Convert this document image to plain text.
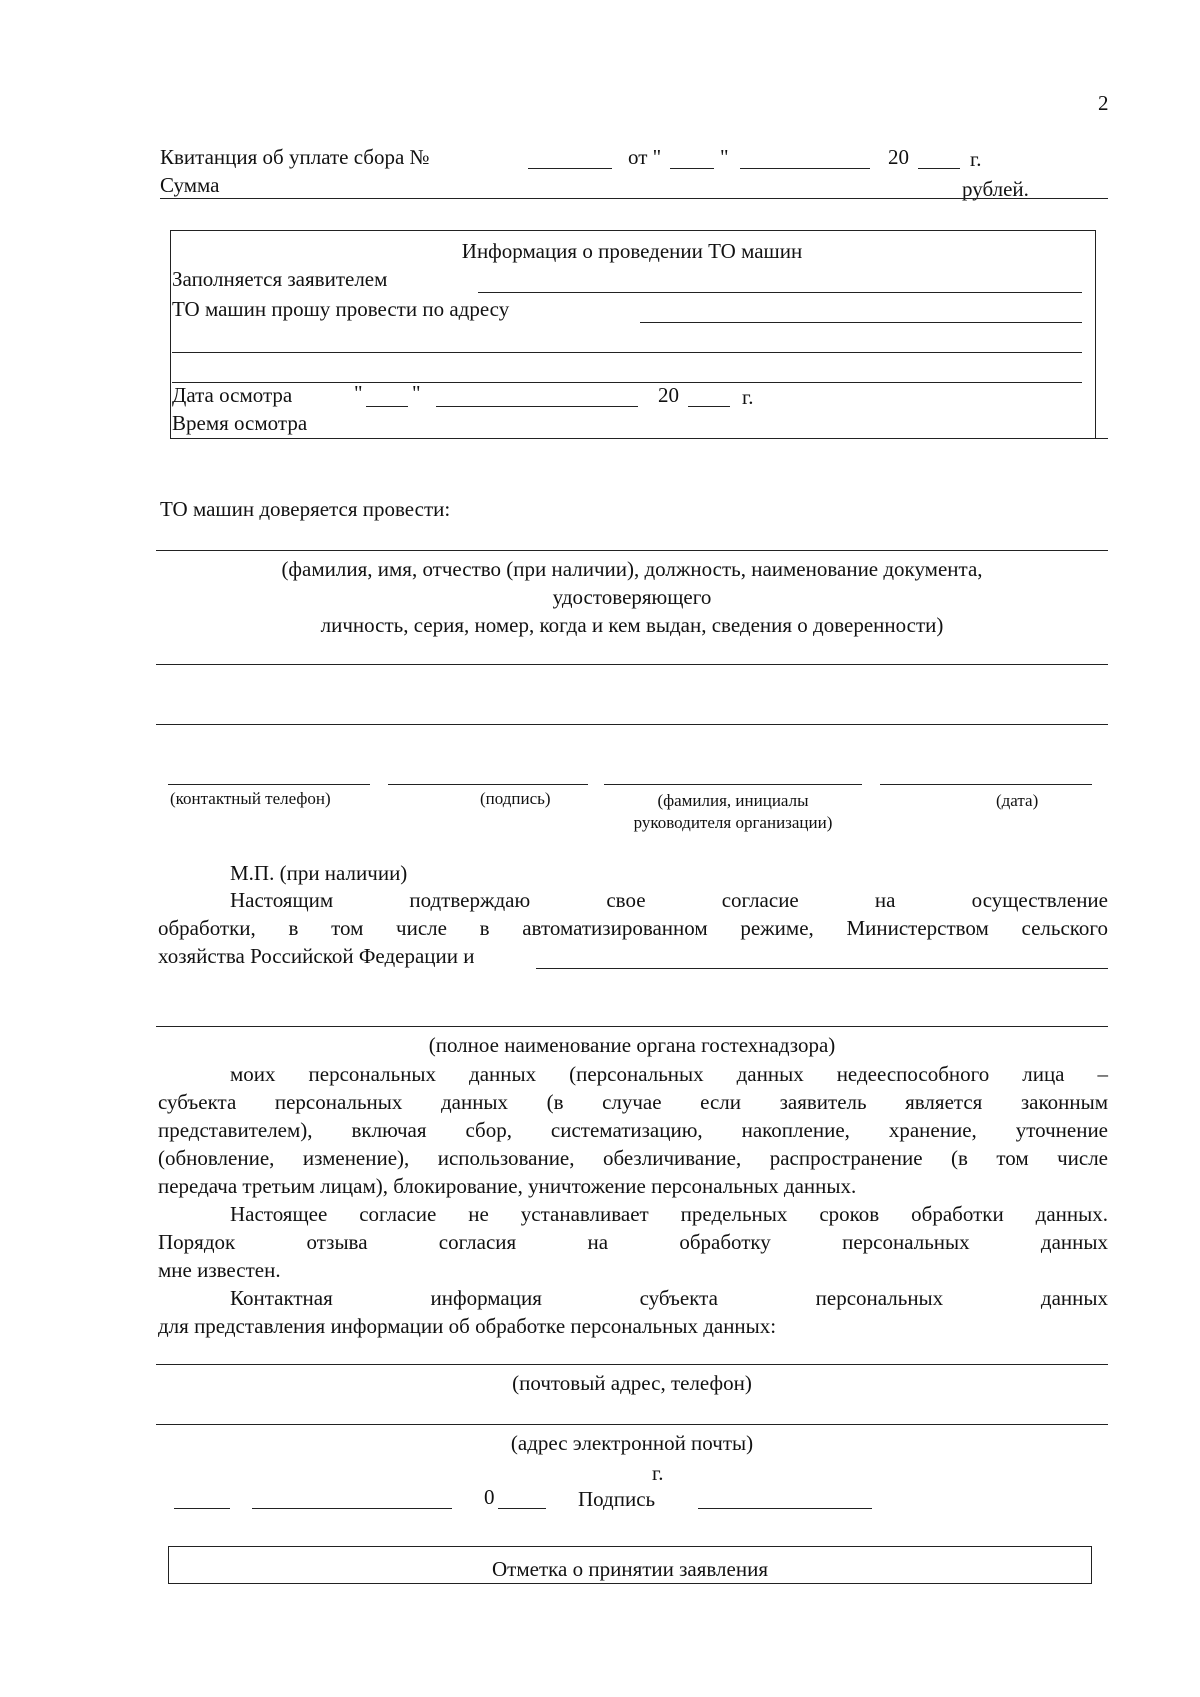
2
Квитанция об уплате сбора №	от "	"	20	г.
Сумма	рублей.
Информация о проведении ТО машин
Заполняется заявителем
ТО машин прошу провести по адресу
Дата осмотра	" "	20	г.
Время осмотра
ТО машин доверяется провести:
(фамилия, имя, отчество (при наличии), должность, наименование документа,
удостоверяющего
личность, серия, номер, когда и кем выдан, сведения о доверенности)
(контактный телефон)	(подпись)	(фамилия, инициалы
руководителя организации)
(дата)
М.П. (при наличии)
Настоящим подтверждаю свое согласие на осуществление
обработки, в том числе в автоматизированном режиме, Министерством сельского
хозяйства Российской Федерации и
(полное наименование органа гостехнадзора)
моих персональных данных (персональных данных недееспособного лица –
субъекта персональных данных (в случае если заявитель является законным
представителем), включая сбор, систематизацию, накопление, хранение, уточнение
(обновление, изменение), использование, обезличивание, распространение (в том числе
передача третьим лицам), блокирование, уничтожение персональных данных.
Настоящее согласие не устанавливает предельных сроков обработки данных.
Порядок отзыва согласия на обработку персональных данных
мне известен.
Контактная информация субъекта персональных данных
для представления информации об обработке персональных данных:
(почтовый адрес, телефон)
(адрес электронной почты)
г.
0	Подпись
Отметка о принятии заявления
